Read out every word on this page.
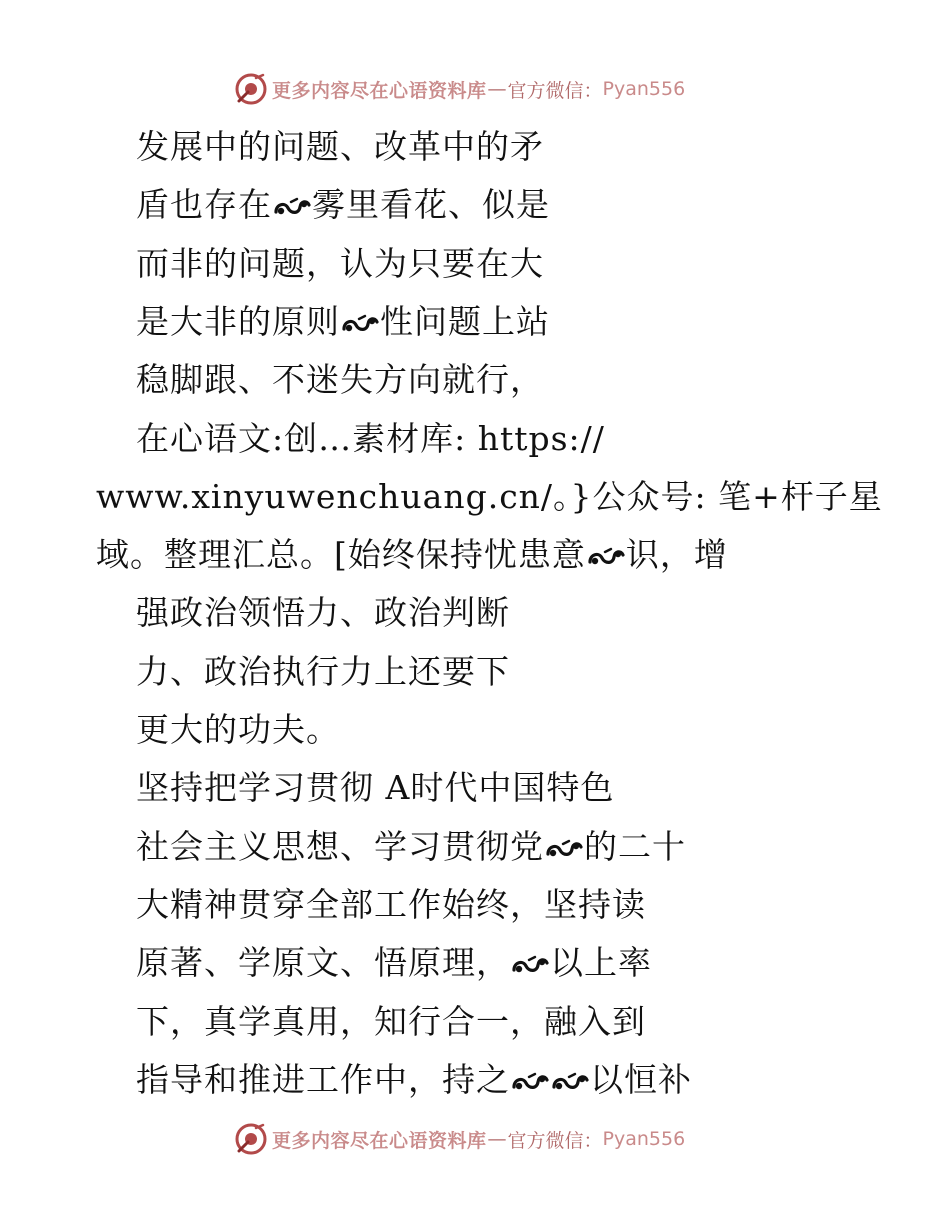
更多内容尽在心语资料库 — 官方微信： Pyan556
发展中的问题、改革中的矛
盾也存在 雾里看花、似是
而非的问题，认为只要在大
是大非的原则 性问题上站
稳脚跟、不迷失方向就行，
在心语文:创…素材库: https://
www.xinyuwenchuang.cn/。}公众号: 笔+杆子星
域。整理汇总。[始终保持忧患意 识，增
强政治领悟力、政治判断
力、政治执行力上还要下
更大的功夫。
坚持把学习贯彻 A时代中国特色
社会主义思想、学习贯彻党 的二十
大精神贯穿全部工作始终，坚持读
原著、学原文、悟原理， 以上率
下，真学真用，知行合一，融入到
指导和推进工作中，持之 以恒补
更多内容尽在心语资料库 — 官方微信： Pyan556
